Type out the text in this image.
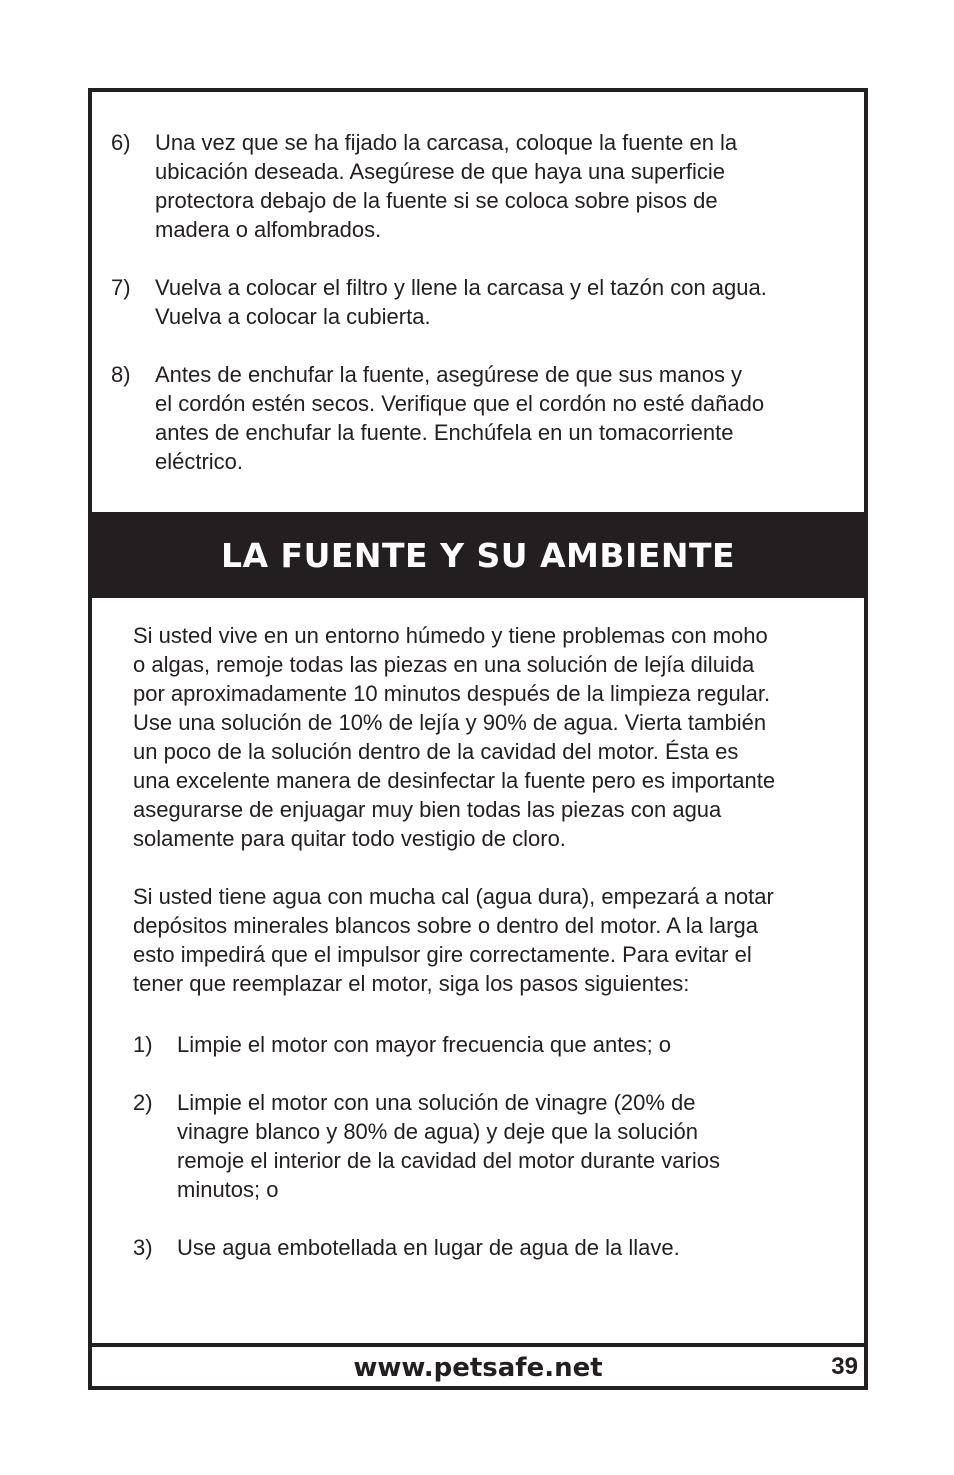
6)	Una vez que se ha fijado la carcasa, coloque la fuente en la
ubicación deseada. Asegúrese de que haya una superficie
protectora debajo de la fuente si se coloca sobre pisos de
madera o alfombrados.
7)	Vuelva a colocar el filtro y llene la carcasa y el tazón con agua.
Vuelva a colocar la cubierta.
8)	Antes de enchufar la fuente, asegúrese de que sus manos y
el cordón estén secos. Verifique que el cordón no esté dañado
antes de enchufar la fuente. Enchúfela en un tomacorriente
eléctrico.
LA FUENTE Y SU AMBIENTE

Si usted vive en un entorno húmedo y tiene problemas con moho
o algas, remoje todas las piezas en una solución de lejía diluida
por aproximadamente 10 minutos después de la limpieza regular.
Use una solución de 10% de lejía y 90% de agua. Vierta también
un poco de la solución dentro de la cavidad del motor. Ésta es
una excelente manera de desinfectar la fuente pero es importante
asegurarse de enjuagar muy bien todas las piezas con agua
solamente para quitar todo vestigio de cloro.

Si usted tiene agua con mucha cal (agua dura), empezará a notar
depósitos minerales blancos sobre o dentro del motor. A la larga
esto impedirá que el impulsor gire correctamente. Para evitar el
tener que reemplazar el motor, siga los pasos siguientes:

1)	Limpie el motor con mayor frecuencia que antes; o
2)	Limpie el motor con una solución de vinagre (20% de
vinagre blanco y 80% de agua) y deje que la solución
remoje el interior de la cavidad del motor durante varios
minutos; o
3)	Use agua embotellada en lugar de agua de la llave.
www.petsafe.net	39
